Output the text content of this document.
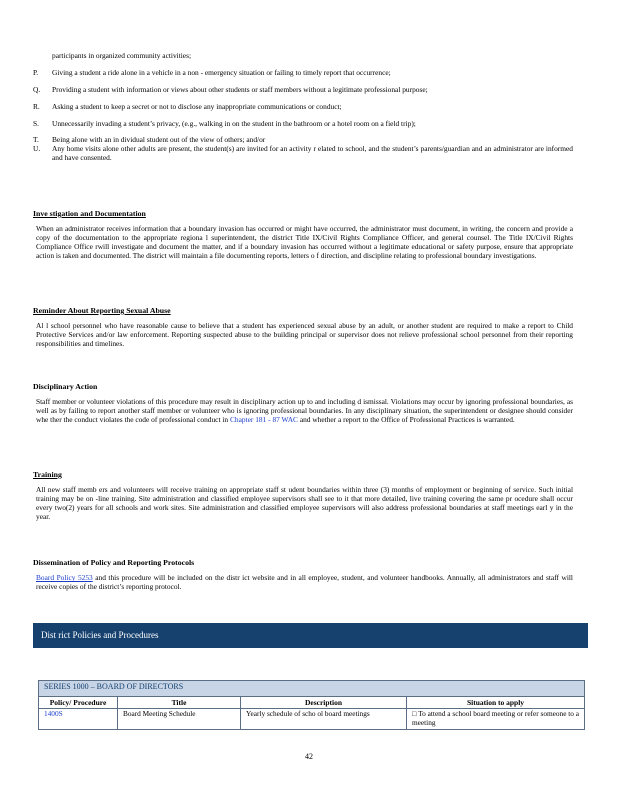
participants in organized community activities;
P.	Giving a student a ride alone in a vehicle in a non - emergency situation or failing to timely report that occurrence;
Q.	Providing a student with information or views about other students or staff members without a legitimate professional purpose;
R.	Asking a student to keep a secret or not to disclose any inappropriate communications or conduct;
S.	Unnecessarily invading a student’s privacy, (e.g., walking in on the student in the bathroom or a hotel room on a field trip);
T.	Being alone with an in dividual student out of the view of others; and/or
U.	Any home visits alone other adults are present, the student(s) are invited for an activity r elated to school, and the student’s parents/guardian and an administrator are informed and have consented.
Inve stigation and Documentation

When an administrator receives information that a boundary invasion has occurred or might have occurred, the administrator must document, in writing, the concern and provide a copy of the documentation to the appropriate regiona l superintendent, the district Title IX/Civil Rights Compliance Officer, and general counsel. The Title IX/Civil Rights Compliance Office rwill investigate and document the matter, and if a boundary invasion has occurred without a legitimate educational or safety purpose, ensure that appropriate action is taken and documented. The district will maintain a file documenting reports, letters o f direction, and discipline relating to professional boundary investigations.

Reminder About Reporting Sexual Abuse

Al l school personnel who have reasonable cause to believe that a student has experienced sexual abuse by an adult, or another student are required to make a report to Child Protective Services and/or law enforcement. Reporting suspected abuse to the building principal or supervisor does not relieve professional school personnel from their reporting responsibilities and timelines.

Disciplinary Action

Staff member or volunteer violations of this procedure may result in disciplinary action up to and including d ismissal. Violations may occur by ignoring professional boundaries, as well as by failing to report another staff member or volunteer who is ignoring professional boundaries. In any disciplinary situation, the superintendent or designee should consider whe ther the conduct violates the code of professional conduct in Chapter 181 - 87 WAC and whether a report to the Office of Professional Practices is warranted.

Training

All new staff memb ers and volunteers will receive training on appropriate staff st udent boundaries within three (3) months of employment or beginning of service. Such initial training may be on -line training. Site administration and classified employee supervisors shall see to it that more detailed, live training covering the same pr ocedure shall occur every two(2) years for all schools and work sites. Site administration and classified employee supervisors will also address professional boundaries at staff meetings earl y in the year.

Dissemination of Policy and Reporting Protocols

Board Policy 5253 and this procedure will be included on the distr ict website and in all employee, student, and volunteer handbooks. Annually, all administrators and staff will receive copies of the district’s reporting protocol.

Dist rict Policies and Procedures
SERIES 1000 – BOARD OF DIRECTORS			
Policy/ Procedure	Title	Description	Situation to apply
1400S	Board Meeting Schedule	Yearly schedule of scho ol board meetings	□ To attend a school board meeting or refer someone to a meeting
42
